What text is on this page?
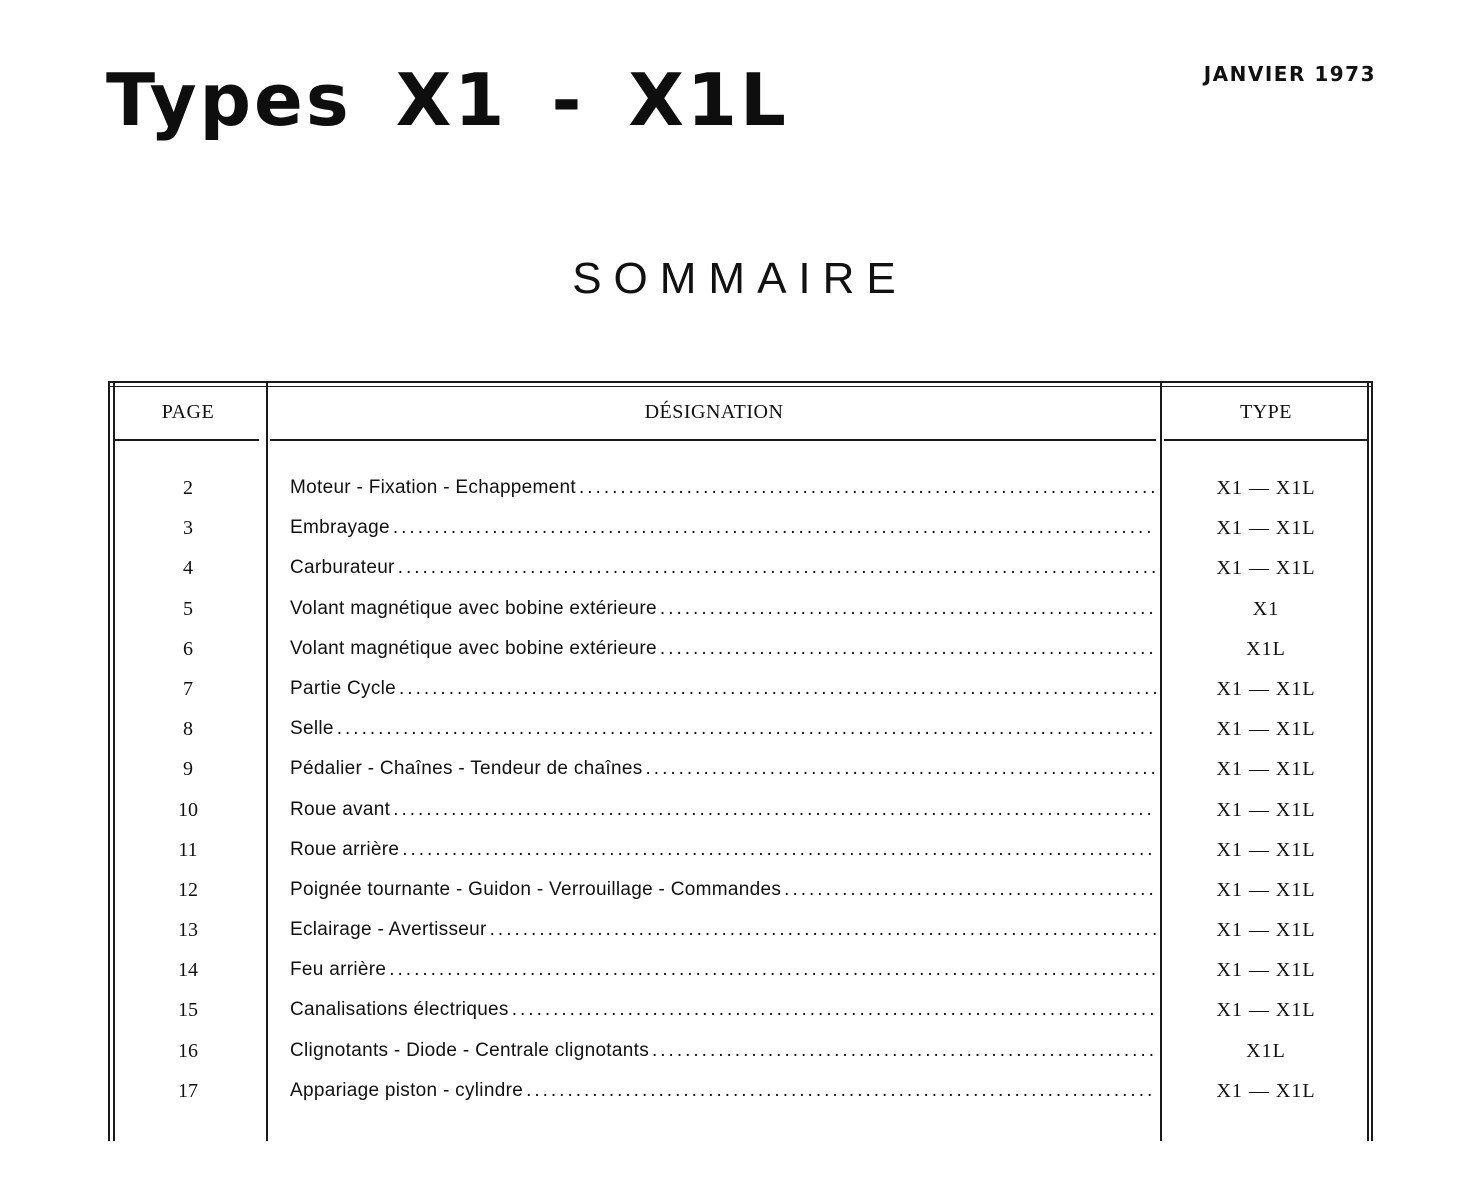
Types X1 - X1L	JANVIER 1973
SOMMAIRE
PAGE	DÉSIGNATION	TYPE
2	Moteur - Fixation - Echappement .....	X1 — X1L
3	Embrayage .....	X1 — X1L
4	Carburateur .....	X1 — X1L
5	Volant magnétique avec bobine extérieure .....	X1
6	Volant magnétique avec bobine extérieure .....	X1L
7	Partie Cycle .....	X1 — X1L
8	Selle .....	X1 — X1L
9	Pédalier - Chaînes - Tendeur de chaînes .....	X1 — X1L
10	Roue avant .....	X1 — X1L
11	Roue arrière .....	X1 — X1L
12	Poignée tournante - Guidon - Verrouillage - Commandes .....	X1 — X1L
13	Eclairage - Avertisseur .....	X1 — X1L
14	Feu arrière .....	X1 — X1L
15	Canalisations électriques .....	X1 — X1L
16	Clignotants - Diode - Centrale clignotants .....	X1L
17	Appariage piston - cylindre .....	X1 — X1L
